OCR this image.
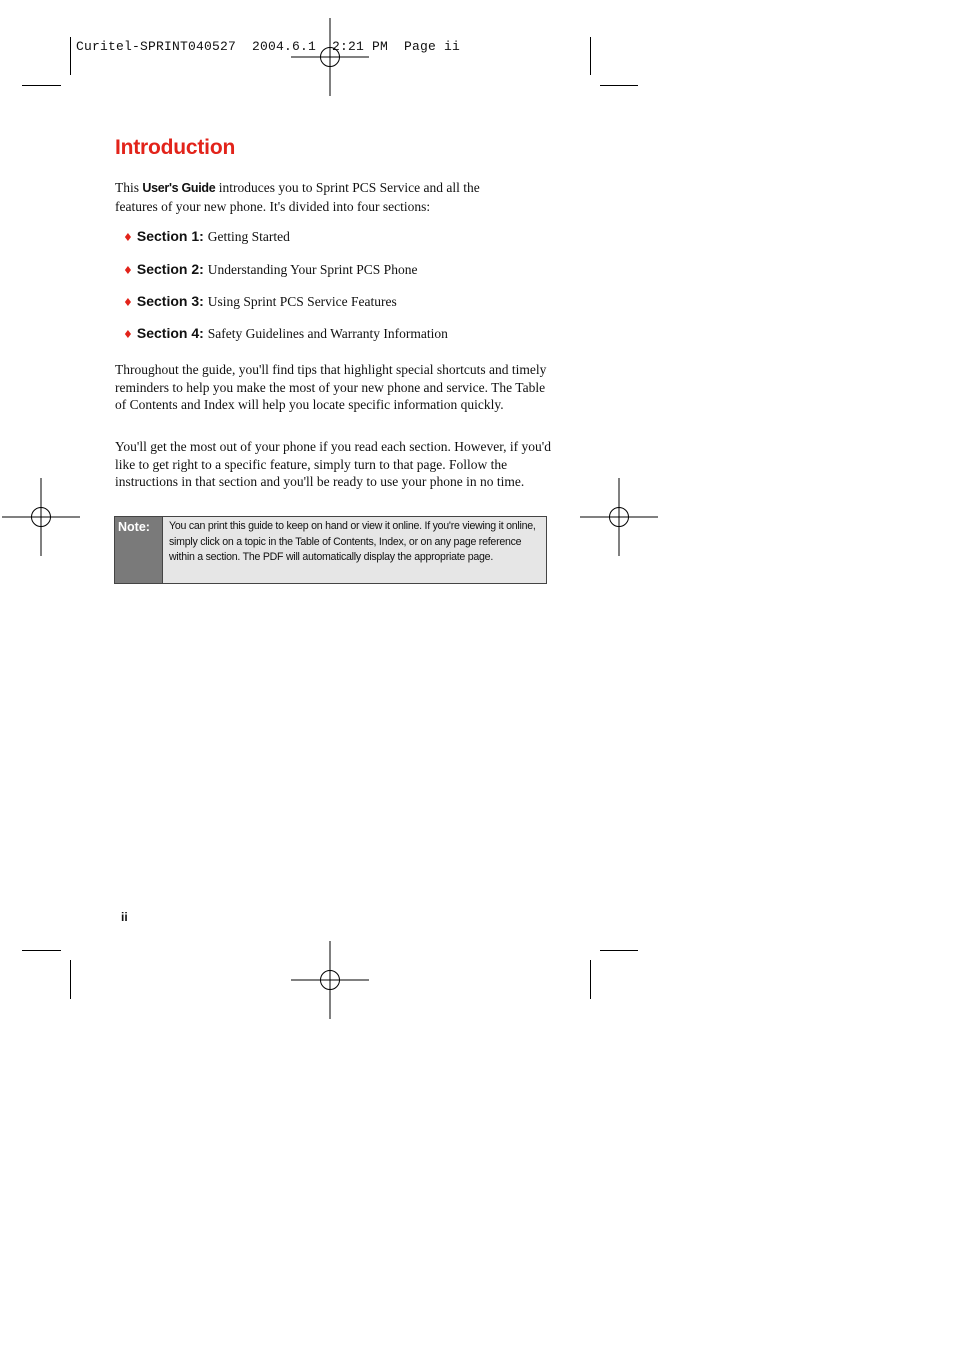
Curitel-SPRINT040527  2004.6.1  2:21 PM  Page ii
Introduction
This User's Guide introduces you to Sprint PCS Service and all the
features of your new phone. It's divided into four sections:
♦ Section 1: Getting Started
♦ Section 2: Understanding Your Sprint PCS Phone
♦ Section 3: Using Sprint PCS Service Features
♦ Section 4: Safety Guidelines and Warranty Information
Throughout the guide, you'll find tips that highlight special shortcuts and timely reminders to help you make the most of your new phone and service. The Table of Contents and Index will help you locate specific information quickly.
You'll get the most out of your phone if you read each section. However, if you'd like to get right to a specific feature, simply turn to that page. Follow the instructions in that section and you'll be ready to use your phone in no time.
Note:	You can print this guide to keep on hand or view it online. If you're viewing it online, simply click on a topic in the Table of Contents, Index, or on any page reference within a section. The PDF will automatically display the appropriate page.
ii
